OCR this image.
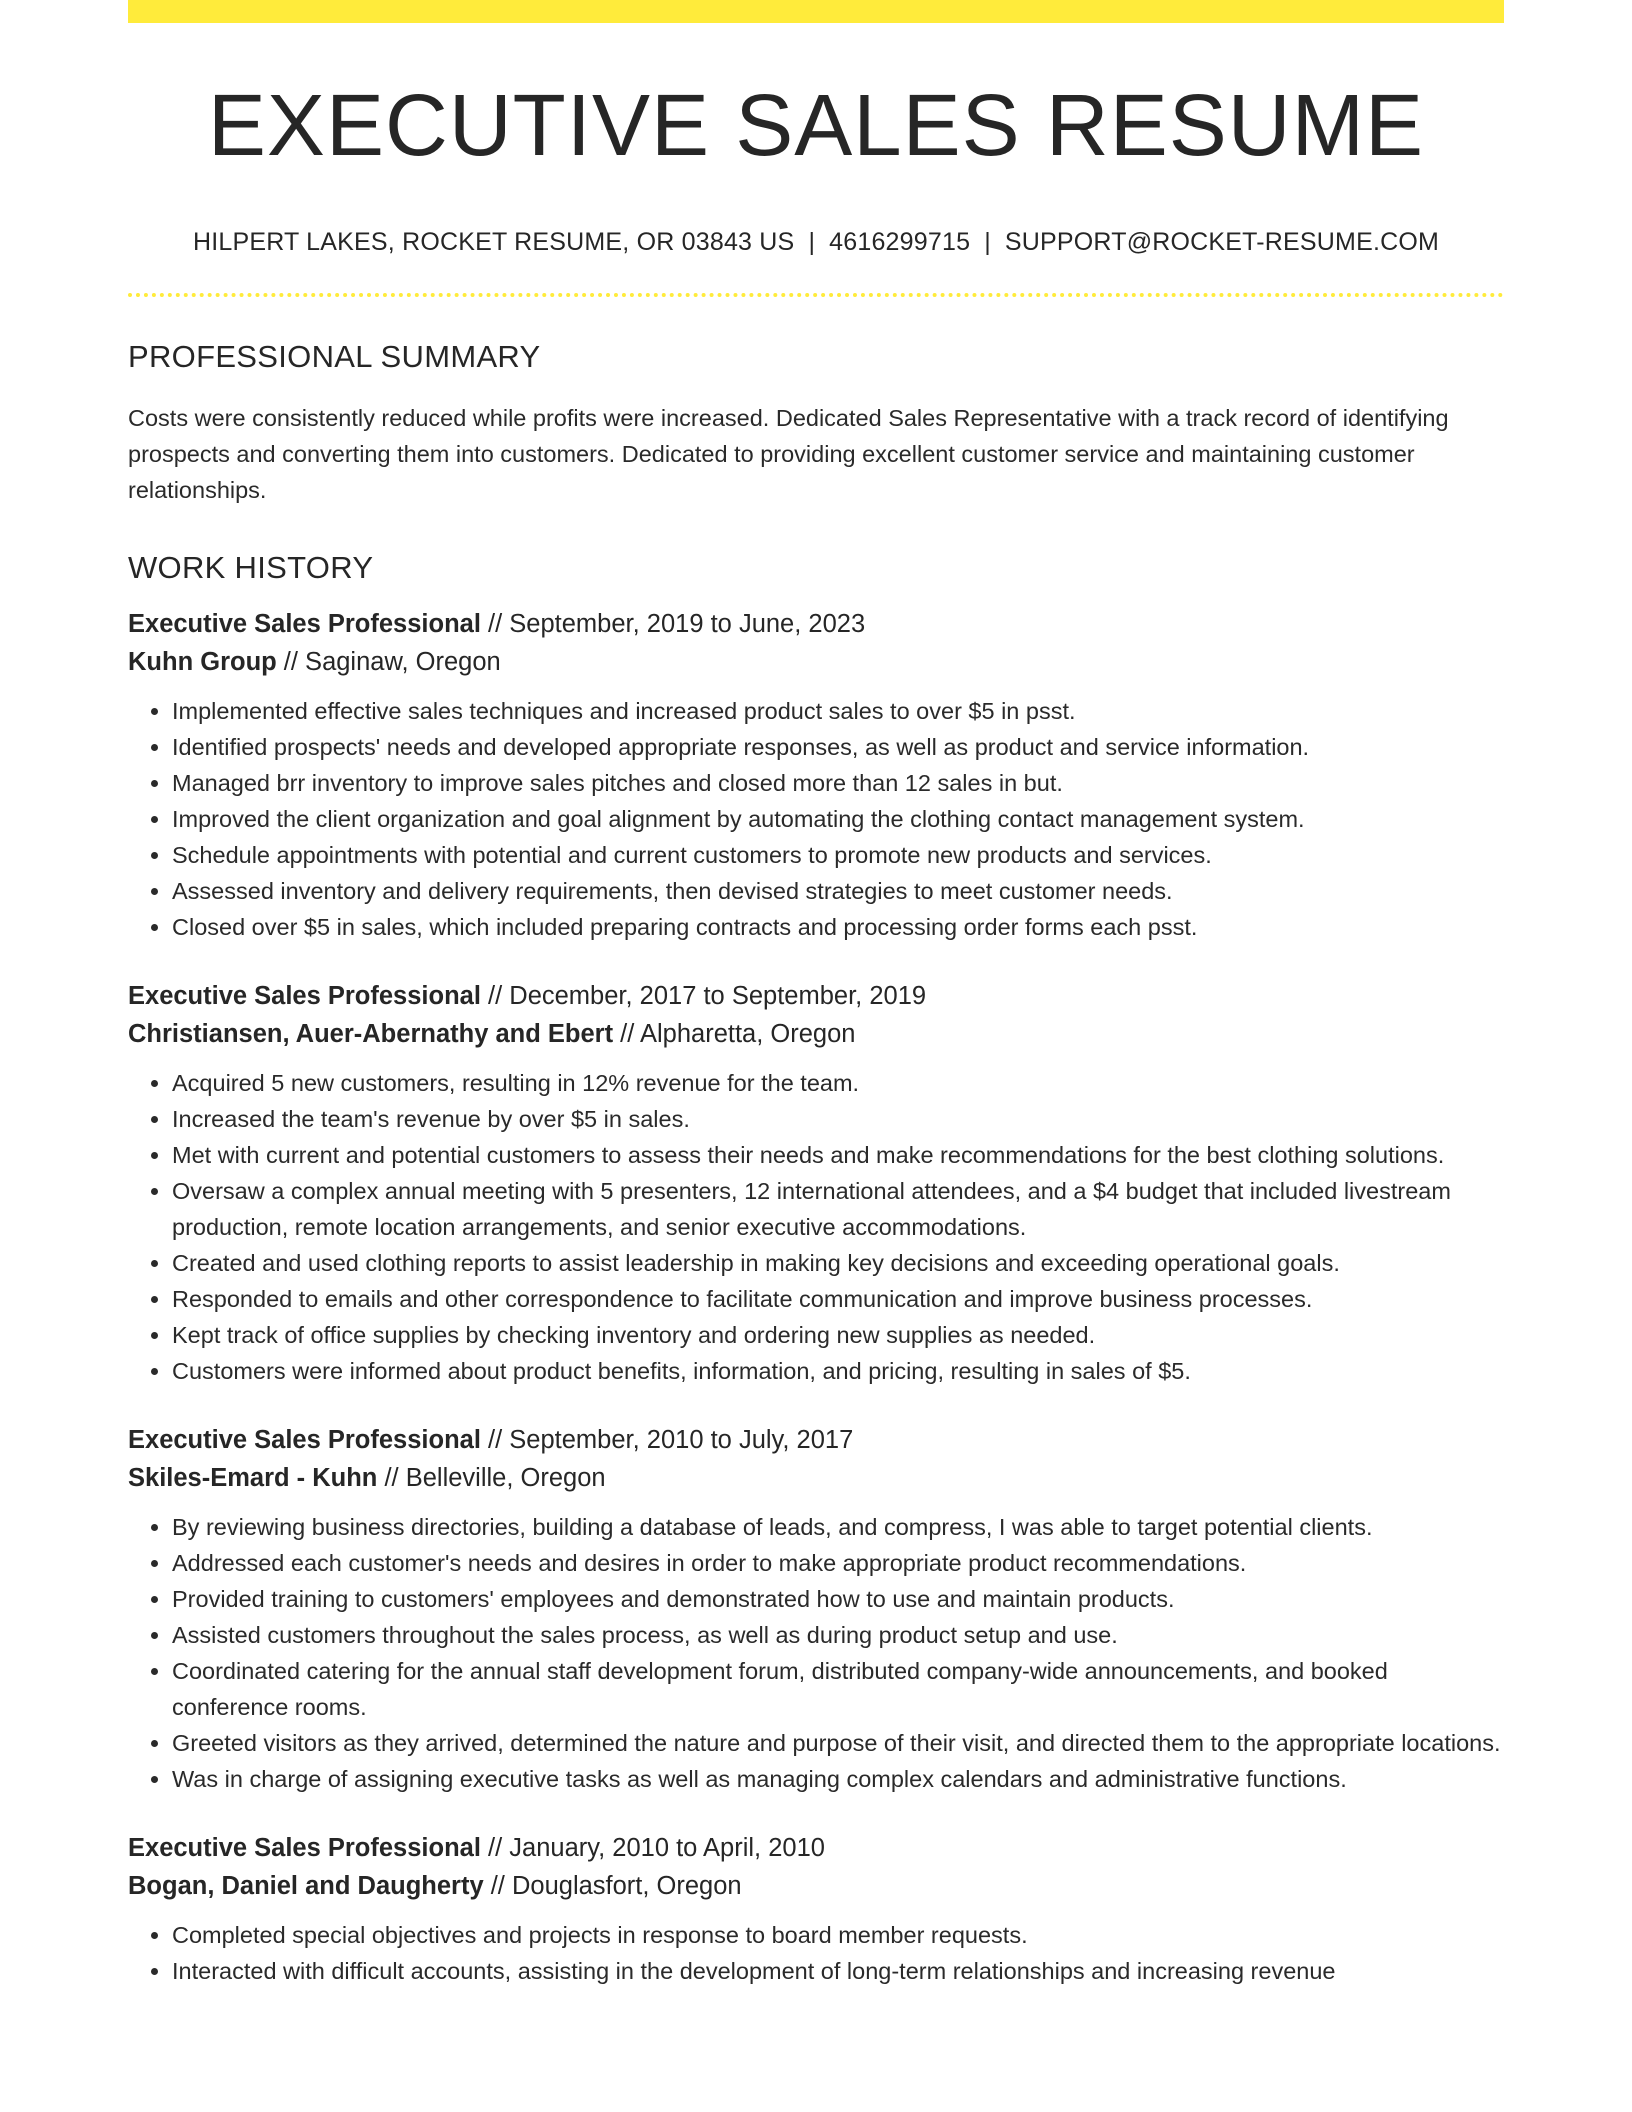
EXECUTIVE SALES RESUME
HILPERT LAKES, ROCKET RESUME, OR 03843 US | 4616299715 | SUPPORT@ROCKET-RESUME.COM
PROFESSIONAL SUMMARY

Costs were consistently reduced while profits were increased. Dedicated Sales Representative with a track record of identifying prospects and converting them into customers. Dedicated to providing excellent customer service and maintaining customer relationships.

WORK HISTORY
Executive Sales Professional // September, 2019 to June, 2023
Kuhn Group // Saginaw, Oregon
• Implemented effective sales techniques and increased product sales to over $5 in psst.
• Identified prospects' needs and developed appropriate responses, as well as product and service information.
• Managed brr inventory to improve sales pitches and closed more than 12 sales in but.
• Improved the client organization and goal alignment by automating the clothing contact management system.
• Schedule appointments with potential and current customers to promote new products and services.
• Assessed inventory and delivery requirements, then devised strategies to meet customer needs.
• Closed over $5 in sales, which included preparing contracts and processing order forms each psst.
Executive Sales Professional // December, 2017 to September, 2019
Christiansen, Auer-Abernathy and Ebert // Alpharetta, Oregon
• Acquired 5 new customers, resulting in 12% revenue for the team.
• Increased the team's revenue by over $5 in sales.
• Met with current and potential customers to assess their needs and make recommendations for the best clothing solutions.
• Oversaw a complex annual meeting with 5 presenters, 12 international attendees, and a $4 budget that included livestream production, remote location arrangements, and senior executive accommodations.
• Created and used clothing reports to assist leadership in making key decisions and exceeding operational goals.
• Responded to emails and other correspondence to facilitate communication and improve business processes.
• Kept track of office supplies by checking inventory and ordering new supplies as needed.
• Customers were informed about product benefits, information, and pricing, resulting in sales of $5.
Executive Sales Professional // September, 2010 to July, 2017
Skiles-Emard - Kuhn // Belleville, Oregon
• By reviewing business directories, building a database of leads, and compress, I was able to target potential clients.
• Addressed each customer's needs and desires in order to make appropriate product recommendations.
• Provided training to customers' employees and demonstrated how to use and maintain products.
• Assisted customers throughout the sales process, as well as during product setup and use.
• Coordinated catering for the annual staff development forum, distributed company-wide announcements, and booked conference rooms.
• Greeted visitors as they arrived, determined the nature and purpose of their visit, and directed them to the appropriate locations.
• Was in charge of assigning executive tasks as well as managing complex calendars and administrative functions.
Executive Sales Professional // January, 2010 to April, 2010
Bogan, Daniel and Daugherty // Douglasfort, Oregon
• Completed special objectives and projects in response to board member requests.
• Interacted with difficult accounts, assisting in the development of long-term relationships and increasing revenue
